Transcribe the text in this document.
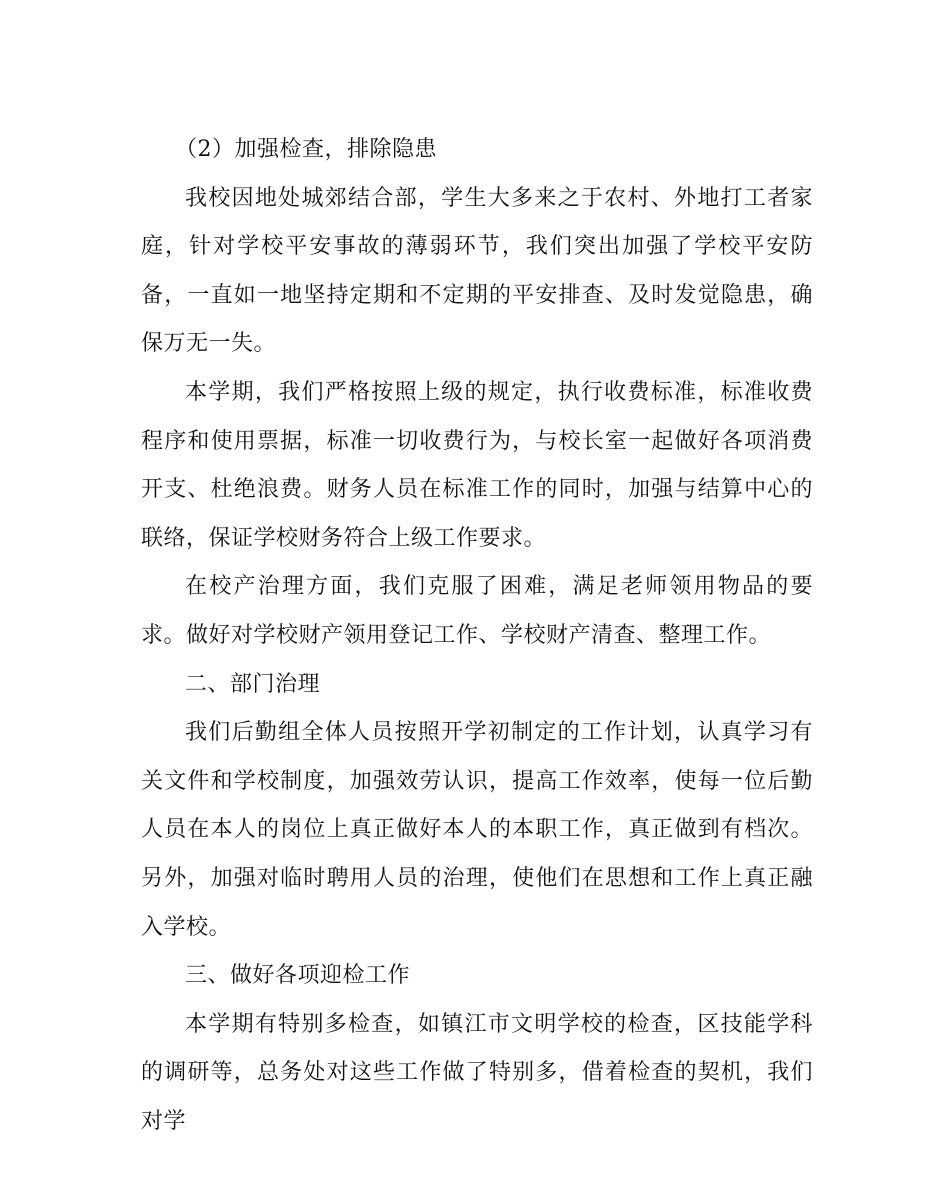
（2）加强检查，排除隐患

我校因地处城郊结合部，学生大多来之于农村、外地打工者家庭，针对学校平安事故的薄弱环节，我们突出加强了学校平安防备，一直如一地坚持定期和不定期的平安排查、及时发觉隐患，确保万无一失。

本学期，我们严格按照上级的规定，执行收费标准，标准收费程序和使用票据，标准一切收费行为，与校长室一起做好各项消费开支、杜绝浪费。财务人员在标准工作的同时，加强与结算中心的联络，保证学校财务符合上级工作要求。

在校产治理方面，我们克服了困难，满足老师领用物品的要求。做好对学校财产领用登记工作、学校财产清查、整理工作。

二、部门治理

我们后勤组全体人员按照开学初制定的工作计划，认真学习有关文件和学校制度，加强效劳认识，提高工作效率，使每一位后勤人员在本人的岗位上真正做好本人的本职工作，真正做到有档次。另外，加强对临时聘用人员的治理，使他们在思想和工作上真正融入学校。

三、做好各项迎检工作

本学期有特别多检查，如镇江市文明学校的检查，区技能学科的调研等，总务处对这些工作做了特别多，借着检查的契机，我们对学
